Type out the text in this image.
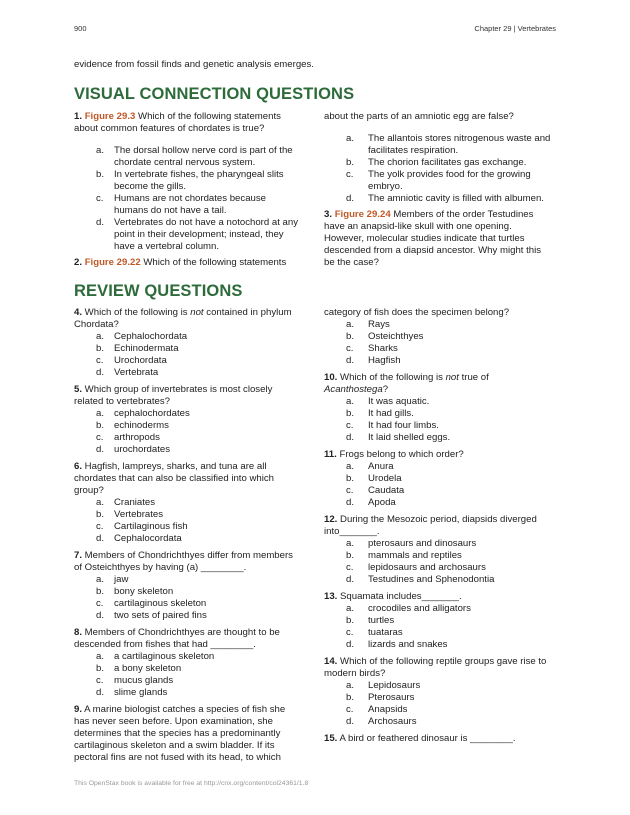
900	Chapter 29 | Vertebrates
evidence from fossil finds and genetic analysis emerges.
VISUAL CONNECTION QUESTIONS

1. Figure 29.3 Which of the following statements about common features of chordates is true?

a. The dorsal hollow nerve cord is part of the chordate central nervous system.
b. In vertebrate fishes, the pharyngeal slits become the gills.
c. Humans are not chordates because humans do not have a tail.
d. Vertebrates do not have a notochord at any point in their development; instead, they have a vertebral column.

2. Figure 29.22 Which of the following statements

about the parts of an amniotic egg are false?

a. The allantois stores nitrogenous waste and facilitates respiration.
b. The chorion facilitates gas exchange.
c. The yolk provides food for the growing embryo.
d. The amniotic cavity is filled with albumen.

3. Figure 29.24 Members of the order Testudines have an anapsid-like skull with one opening. However, molecular studies indicate that turtles descended from a diapsid ancestor. Why might this be the case?

REVIEW QUESTIONS

4. Which of the following is not contained in phylum Chordata?

a. Cephalochordata
b. Echinodermata
c. Urochordata
d. Vertebrata

5. Which group of invertebrates is most closely related to vertebrates?

a. cephalochordates
b. echinoderms
c. arthropods
d. urochordates

6. Hagfish, lampreys, sharks, and tuna are all chordates that can also be classified into which group?

a. Craniates
b. Vertebrates
c. Cartilaginous fish
d. Cephalocordata

7. Members of Chondrichthyes differ from members of Osteichthyes by having (a) ________.

a. jaw
b. bony skeleton
c. cartilaginous skeleton
d. two sets of paired fins

8. Members of Chondrichthyes are thought to be descended from fishes that had ________.

a. a cartilaginous skeleton
b. a bony skeleton
c. mucus glands
d. slime glands

9. A marine biologist catches a species of fish she has never seen before. Upon examination, she determines that the species has a predominantly cartilaginous skeleton and a swim bladder. If its pectoral fins are not fused with its head, to which

category of fish does the specimen belong?

a. Rays
b. Osteichthyes
c. Sharks
d. Hagfish

10. Which of the following is not true of Acanthostega?

a. It was aquatic.
b. It had gills.
c. It had four limbs.
d. It laid shelled eggs.

11. Frogs belong to which order?

a. Anura
b. Urodela
c. Caudata
d. Apoda

12. During the Mesozoic period, diapsids diverged into_______.

a. pterosaurs and dinosaurs
b. mammals and reptiles
c. lepidosaurs and archosaurs
d. Testudines and Sphenodontia

13. Squamata includes_______.

a. crocodiles and alligators
b. turtles
c. tuataras
d. lizards and snakes

14. Which of the following reptile groups gave rise to modern birds?

a. Lepidosaurs
b. Pterosaurs
c. Anapsids
d. Archosaurs

15. A bird or feathered dinosaur is ________.

This OpenStax book is available for free at http://cnx.org/content/col24361/1.8
